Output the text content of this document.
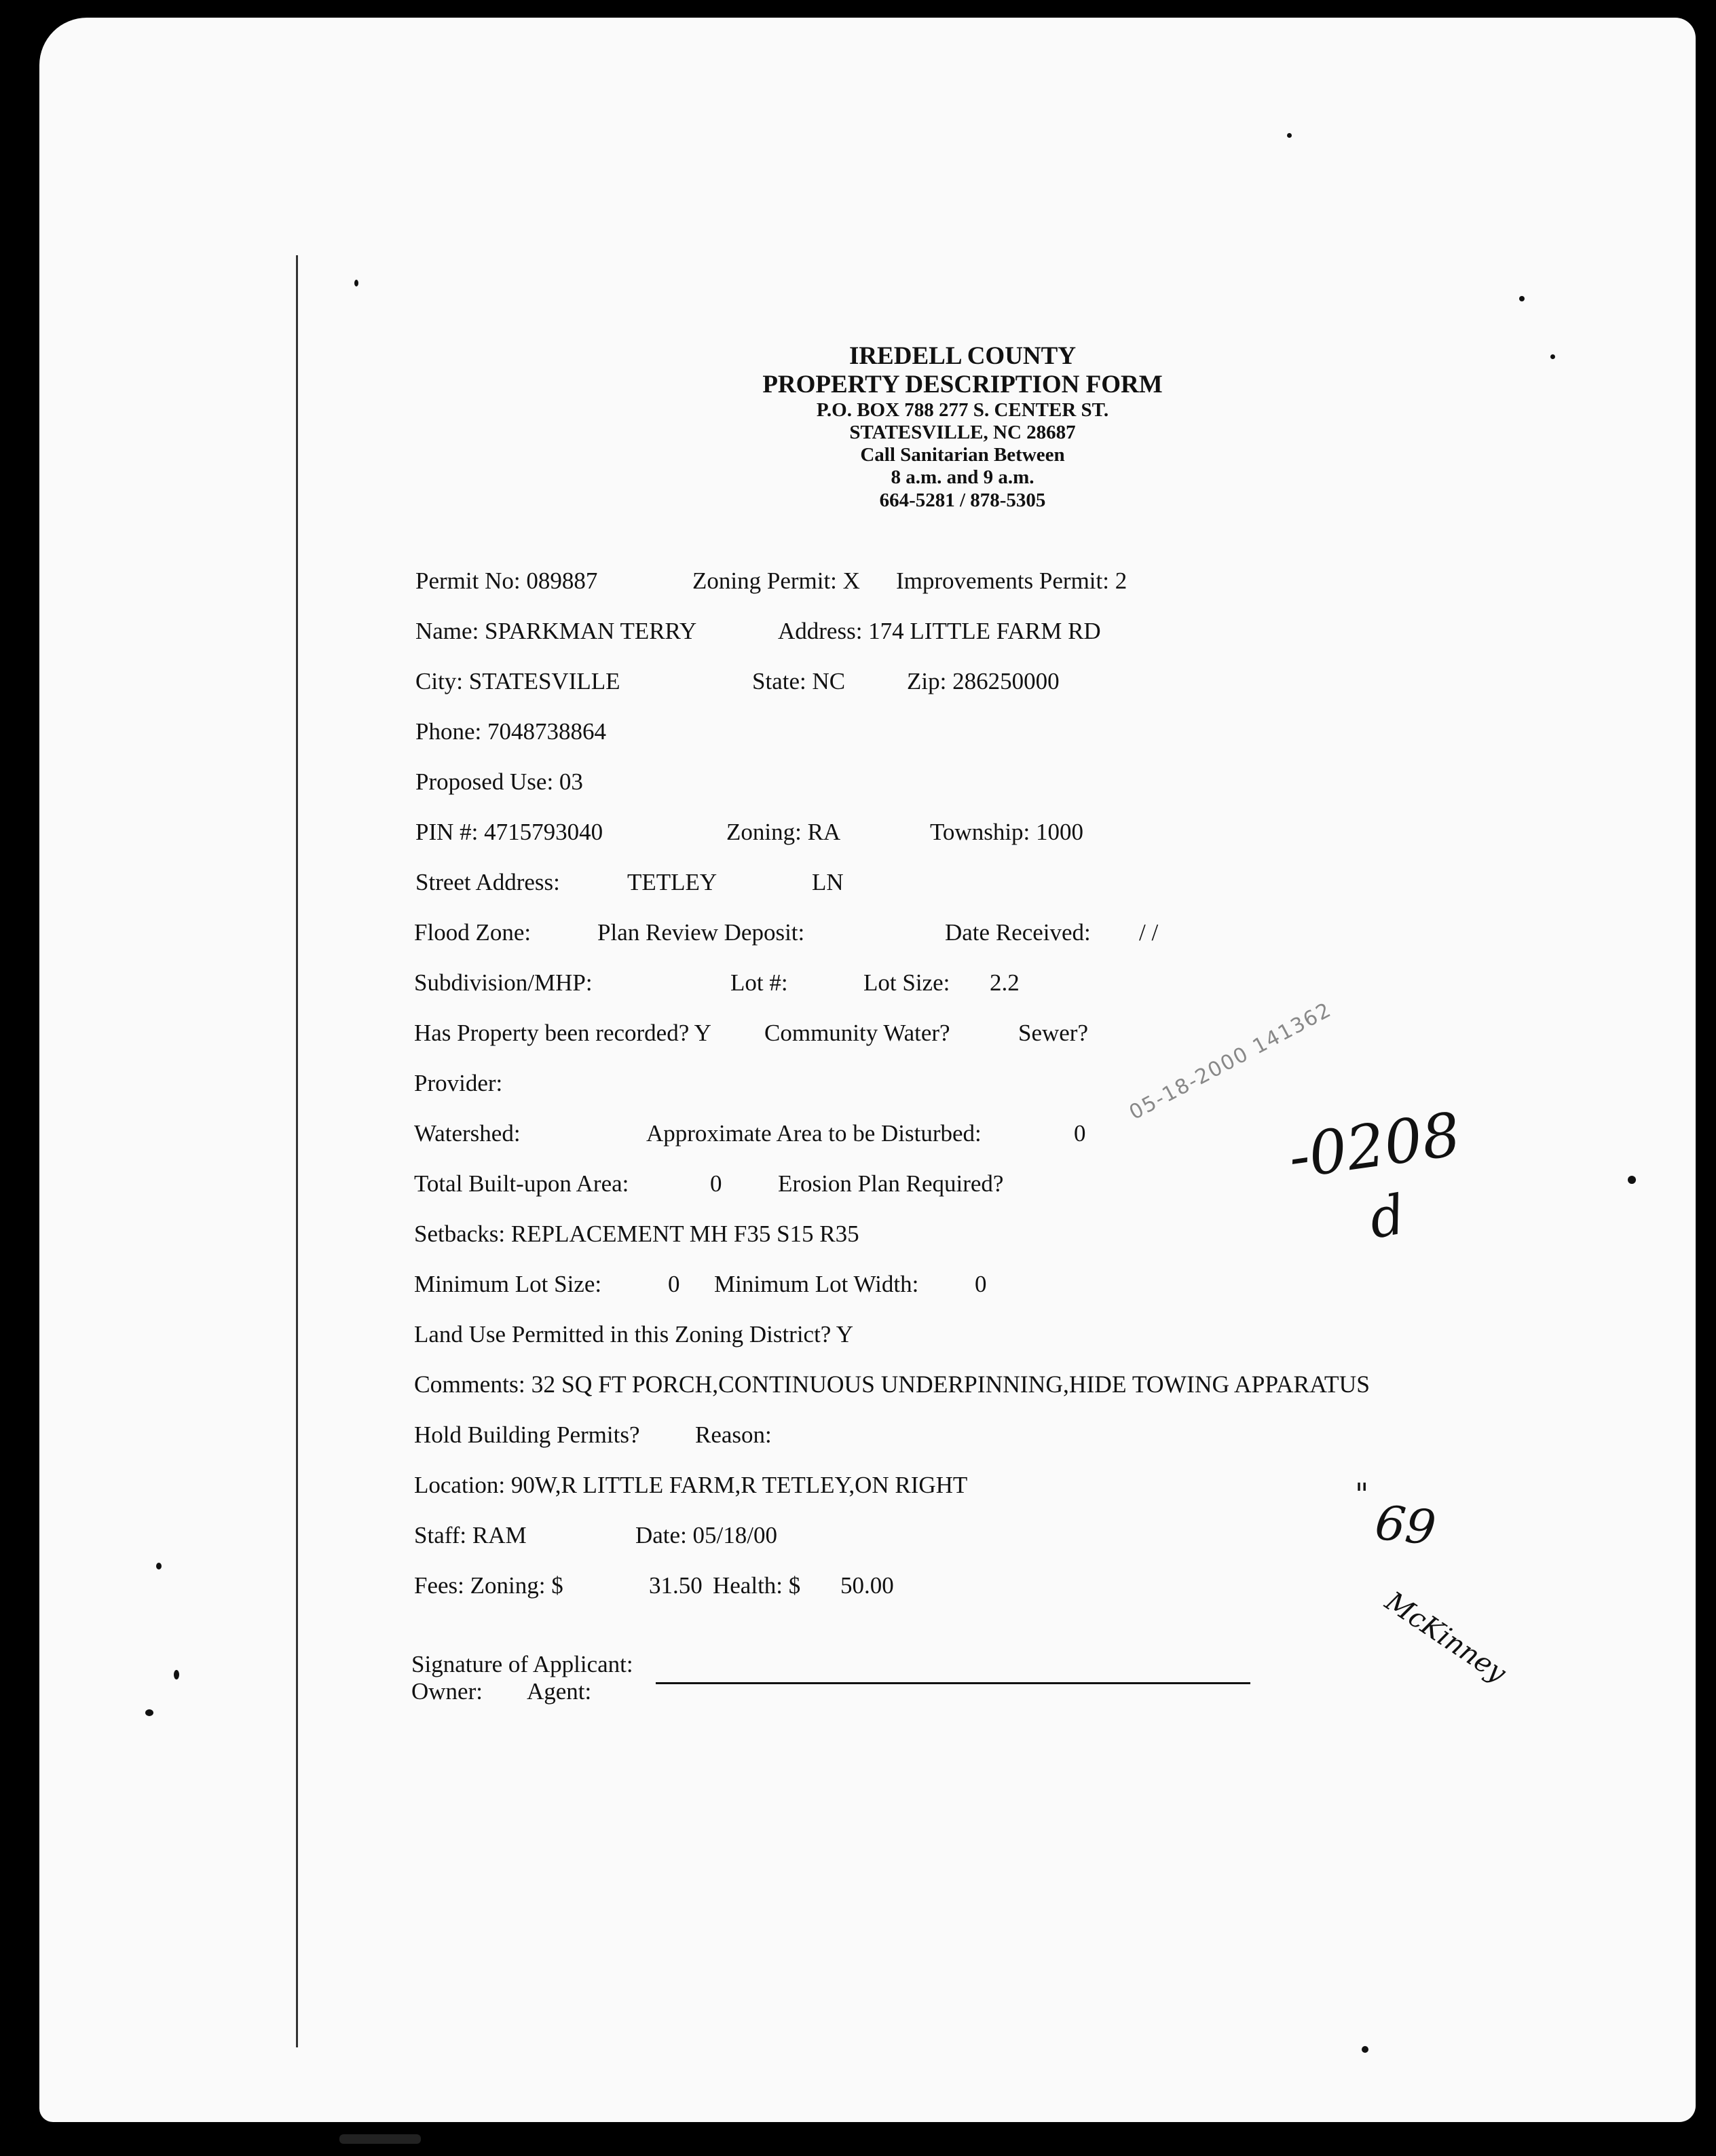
IREDELL COUNTY
PROPERTY DESCRIPTION FORM
P.O. BOX 788 277 S. CENTER ST.
STATESVILLE, NC 28687
Call Sanitarian Between
8 a.m. and 9 a.m.
664-5281 / 878-5305
Permit No: 089887	Zoning Permit: X Improvements Permit: 2
Name: SPARKMAN TERRY	Address: 174 LITTLE FARM RD
City: STATESVILLE	State: NC	Zip: 286250000
Phone: 7048738864
Proposed Use: 03
PIN #: 4715793040	Zoning: RA	Township: 1000
Street Address:	TETLEY	LN
Flood Zone:	Plan Review Deposit:	Date Received: / /
Subdivision/MHP:	Lot #:	Lot Size: 2.2
Has Property been recorded? Y Community Water?	Sewer?
Provider:
Watershed:	Approximate Area to be Disturbed:	0
Total Built-upon Area:	0 Erosion Plan Required?
Setbacks: REPLACEMENT MH F35 S15 R35
Minimum Lot Size:	0 Minimum Lot Width: 0
Land Use Permitted in this Zoning District? Y
Comments: 32 SQ FT PORCH,CONTINUOUS UNDERPINNING,HIDE TOWING APPARATUS
Hold Building Permits? Reason:
Location: 90W,R LITTLE FARM,R TETLEY,ON RIGHT
Staff: RAM	Date: 05/18/00
Fees: Zoning: $	31.50 Health: $ 50.00
Signature of Applicant:
Owner: Agent:
05-18-2000 141362
-0208
d
"
69
McKinney
